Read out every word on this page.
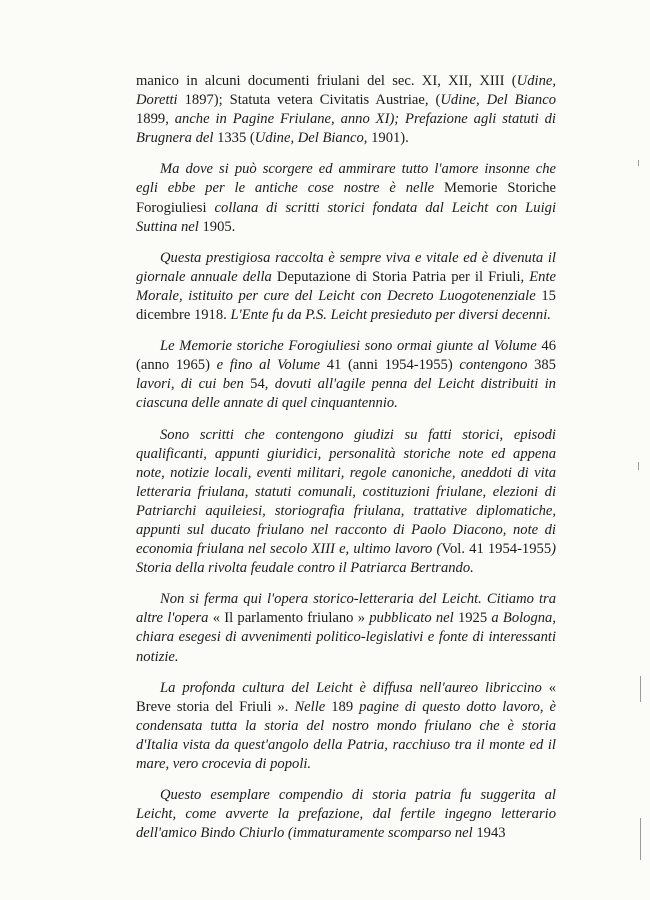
manico in alcuni documenti friulani del sec. XI, XII, XIII (Udine, Doretti 1897); Statuta vetera Civitatis Austriae, (Udine, Del Bianco 1899, anche in Pagine Friulane, anno XI); Prefazione agli statuti di Brugnera del 1335 (Udine, Del Bianco, 1901).

Ma dove si può scorgere ed ammirare tutto l'amore insonne che egli ebbe per le antiche cose nostre è nelle Memorie Storiche Forogiuliesi collana di scritti storici fondata dal Leicht con Luigi Suttina nel 1905.

Questa prestigiosa raccolta è sempre viva e vitale ed è divenuta il giornale annuale della Deputazione di Storia Patria per il Friuli, Ente Morale, istituito per cure del Leicht con Decreto Luogotenenziale 15 dicembre 1918. L'Ente fu da P.S. Leicht presieduto per diversi decenni.

Le Memorie storiche Forogiuliesi sono ormai giunte al Volume 46 (anno 1965) e fino al Volume 41 (anni 1954-1955) contengono 385 lavori, di cui ben 54, dovuti all'agile penna del Leicht distribuiti in ciascuna delle annate di quel cinquantennio.

Sono scritti che contengono giudizi su fatti storici, episodi qualificanti, appunti giuridici, personalità storiche note ed appena note, notizie locali, eventi militari, regole canoniche, aneddoti di vita letteraria friulana, statuti comunali, costituzioni friulane, elezioni di Patriarchi aquileiesi, storiografia friulana, trattative diplomatiche, appunti sul ducato friulano nel racconto di Paolo Diacono, note di economia friulana nel secolo XIII e, ultimo lavoro (Vol. 41 1954-1955) Storia della rivolta feudale contro il Patriarca Bertrando.

Non si ferma qui l'opera storico-letteraria del Leicht. Citiamo tra altre l'opera « Il parlamento friulano » pubblicato nel 1925 a Bologna, chiara esegesi di avvenimenti politico-legislativi e fonte di interessanti notizie.

La profonda cultura del Leicht è diffusa nell'aureo libriccino « Breve storia del Friuli ». Nelle 189 pagine di questo dotto lavoro, è condensata tutta la storia del nostro mondo friulano che è storia d'Italia vista da quest'angolo della Patria, racchiuso tra il monte ed il mare, vero crocevia di popoli.

Questo esemplare compendio di storia patria fu suggerita al Leicht, come avverte la prefazione, dal fertile ingegno letterario dell'amico Bindo Chiurlo (immaturamente scomparso nel 1943
